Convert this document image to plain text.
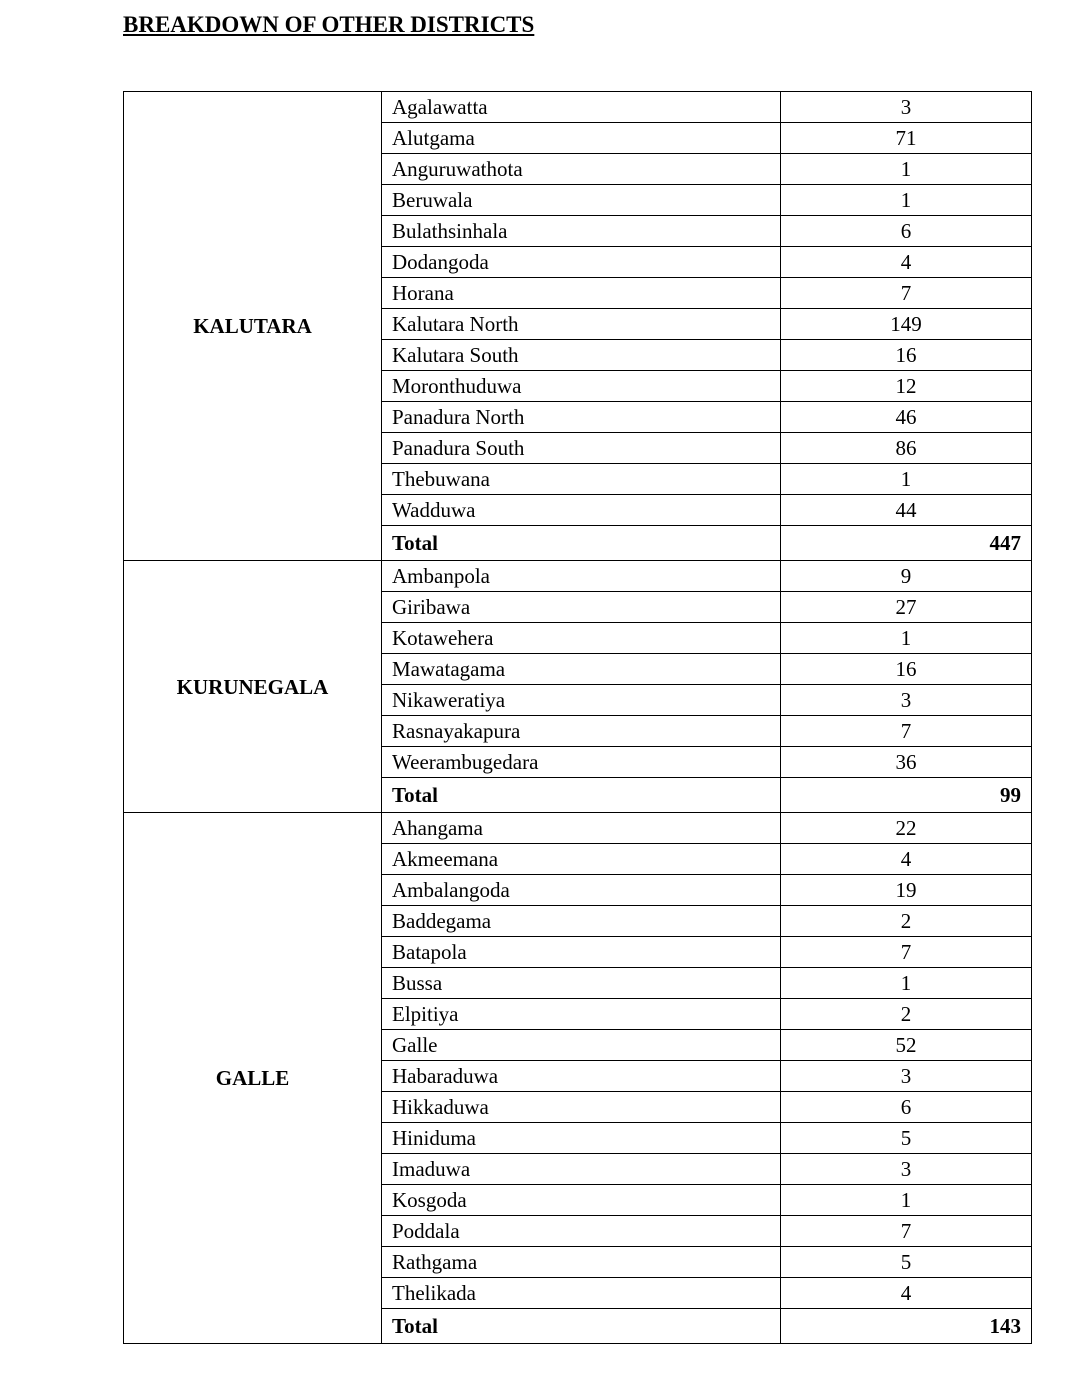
BREAKDOWN OF OTHER DISTRICTS
KALUTARA	Agalawatta	3
	Alutgama	71
	Anguruwathota	1
	Beruwala	1
	Bulathsinhala	6
	Dodangoda	4
	Horana	7
	Kalutara North	149
	Kalutara South	16
	Moronthuduwa	12
	Panadura North	46
	Panadura South	86
	Thebuwana	1
	Wadduwa	44
	Total	447
KURUNEGALA	Ambanpola	9
	Giribawa	27
	Kotawehera	1
	Mawatagama	16
	Nikaweratiya	3
	Rasnayakapura	7
	Weerambugedara	36
	Total	99
GALLE	Ahangama	22
	Akmeemana	4
	Ambalangoda	19
	Baddegama	2
	Batapola	7
	Bussa	1
	Elpitiya	2
	Galle	52
	Habaraduwa	3
	Hikkaduwa	6
	Hiniduma	5
	Imaduwa	3
	Kosgoda	1
	Poddala	7
	Rathgama	5
	Thelikada	4
	Total	143
